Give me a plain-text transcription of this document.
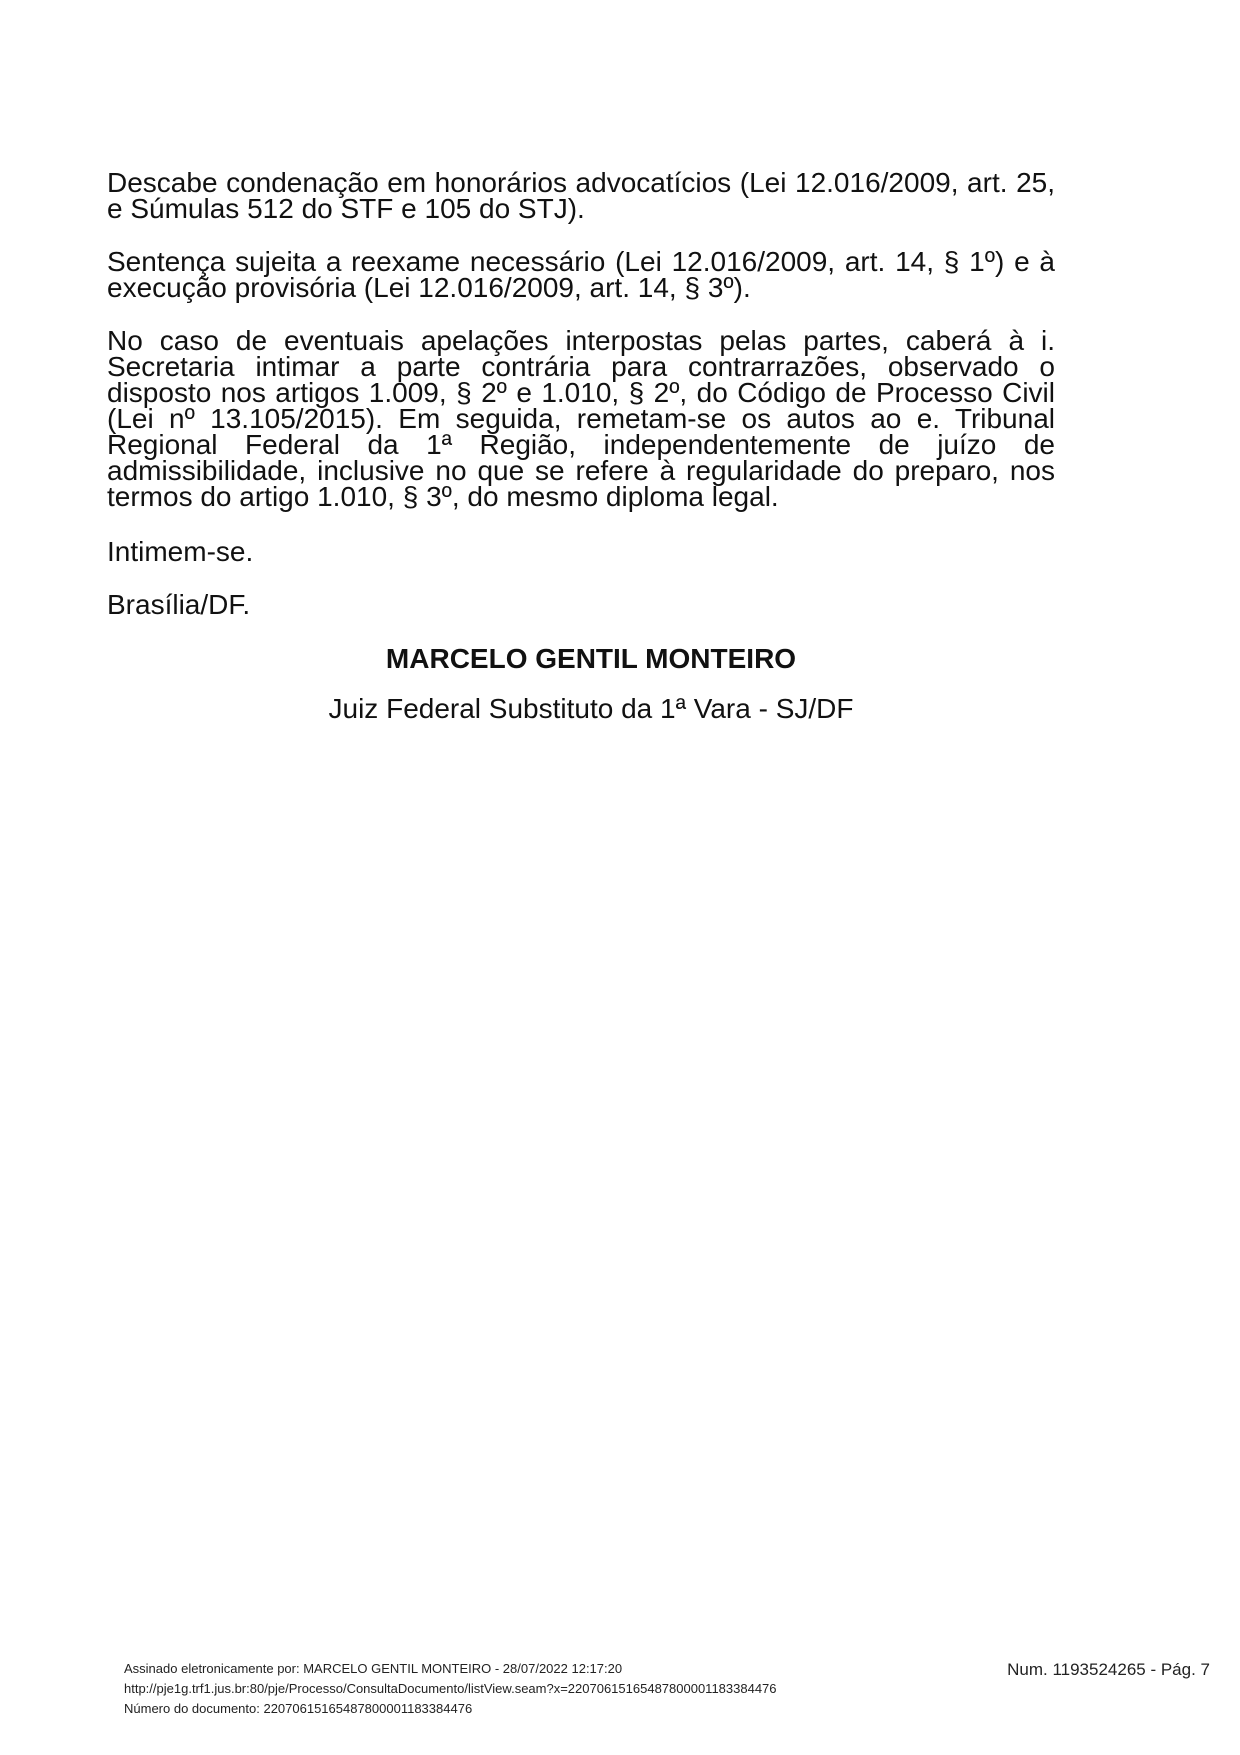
Descabe condenação em honorários advocatícios (Lei 12.016/2009, art. 25, e Súmulas 512 do STF e 105 do STJ).

Sentença sujeita a reexame necessário (Lei 12.016/2009, art. 14, § 1º) e à execução provisória (Lei 12.016/2009, art. 14, § 3º).

No caso de eventuais apelações interpostas pelas partes, caberá à i. Secretaria intimar a parte contrária para contrarrazões, observado o disposto nos artigos 1.009, § 2º e 1.010, § 2º, do Código de Processo Civil (Lei nº 13.105/2015). Em seguida, remetam-se os autos ao e. Tribunal Regional Federal da 1ª Região, independentemente de juízo de admissibilidade, inclusive no que se refere à regularidade do preparo, nos termos do artigo 1.010, § 3º, do mesmo diploma legal.

Intimem-se.

Brasília/DF.

MARCELO GENTIL MONTEIRO

Juiz Federal Substituto da 1ª Vara - SJ/DF

Assinado eletronicamente por: MARCELO GENTIL MONTEIRO - 28/07/2022 12:17:20
http://pje1g.trf1.jus.br:80/pje/Processo/ConsultaDocumento/listView.seam?x=22070615165487800001183384476
Número do documento: 22070615165487800001183384476
Num. 1193524265 - Pág. 7
